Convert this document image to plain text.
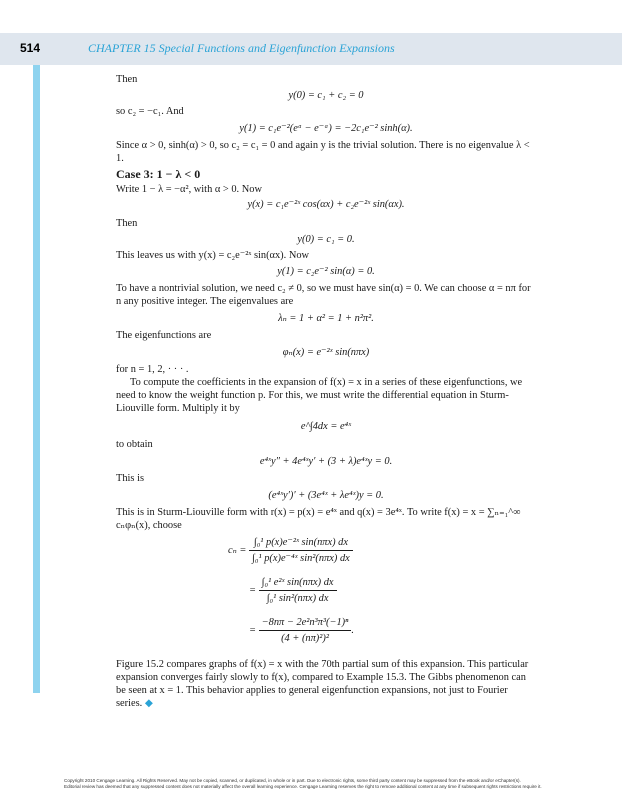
514	CHAPTER 15 Special Functions and Eigenfunction Expansions

Then

y(0) = c₁ + c₂ = 0

so c₂ = −c₁. And

y(1) = c₁e⁻²(eᵅ − e⁻ᵅ) = −2c₁e⁻² sinh(α).

Since α > 0, sinh(α) > 0, so c₂ = c₁ = 0 and again y is the trivial solution. There is no eigenvalue λ < 1.

Case 3: 1 − λ < 0

Write 1 − λ = −α², with α > 0. Now

y(x) = c₁e⁻²ˣ cos(αx) + c₂e⁻²ˣ sin(αx).

Then

y(0) = c₁ = 0.

This leaves us with y(x) = c₂e⁻²ˣ sin(αx). Now

y(1) = c₂e⁻² sin(α) = 0.

To have a nontrivial solution, we need c₂ ≠ 0, so we must have sin(α) = 0. We can choose α = nπ for n any positive integer. The eigenvalues are

λₙ = 1 + α² = 1 + n²π².

The eigenfunctions are

φₙ(x) = e⁻²ˣ sin(nπx)

for n = 1, 2, · · · .

To compute the coefficients in the expansion of f(x) = x in a series of these eigenfunctions, we need to know the weight function p. For this, we must write the differential equation in Sturm-Liouville form. Multiply it by

e^∫4dx = e⁴ˣ

to obtain

e⁴ˣy″ + 4e⁴ˣy′ + (3 + λ)e⁴ˣy = 0.

This is

(e⁴ˣy′)′ + (3e⁴ˣ + λe⁴ˣ)y = 0.

This is in Sturm-Liouville form with r(x) = p(x) = e⁴ˣ and q(x) = 3e⁴ˣ. To write f(x) = x = ∑ₙ₌₁^∞ cₙφₙ(x), choose

$c_n = \frac{\text{∫₀¹ p(x)e⁻²ˣ sin(nπx) dx}}{\text{∫₀¹ p(x)e⁻⁴ˣ sin²(nπx) dx}}$
= $\frac{\text{∫₀¹ e²ˣ sin(nπx) dx}}{\text{∫₀¹ sin²(nπx) dx}}$
= $\frac{\text{−8nπ − 2e²n³π³(−1)ⁿ}}{\text{(4 + (nπ)²)²}}$ .

Figure 15.2 compares graphs of f(x) = x with the 70th partial sum of this expansion. This particular expansion converges fairly slowly to f(x), compared to Example 15.3. The Gibbs phenomenon can be seen at x = 1. This behavior applies to general eigenfunction expansions, not just to Fourier series. ◆

Copyright 2010 Cengage Learning. All Rights Reserved. May not be copied, scanned, or duplicated, in whole or in part. Due to electronic rights, some third party content may be suppressed from the eBook and/or eChapter(s).
Editorial review has deemed that any suppressed content does not materially affect the overall learning experience. Cengage Learning reserves the right to remove additional content at any time if subsequent rights restrictions require it.
